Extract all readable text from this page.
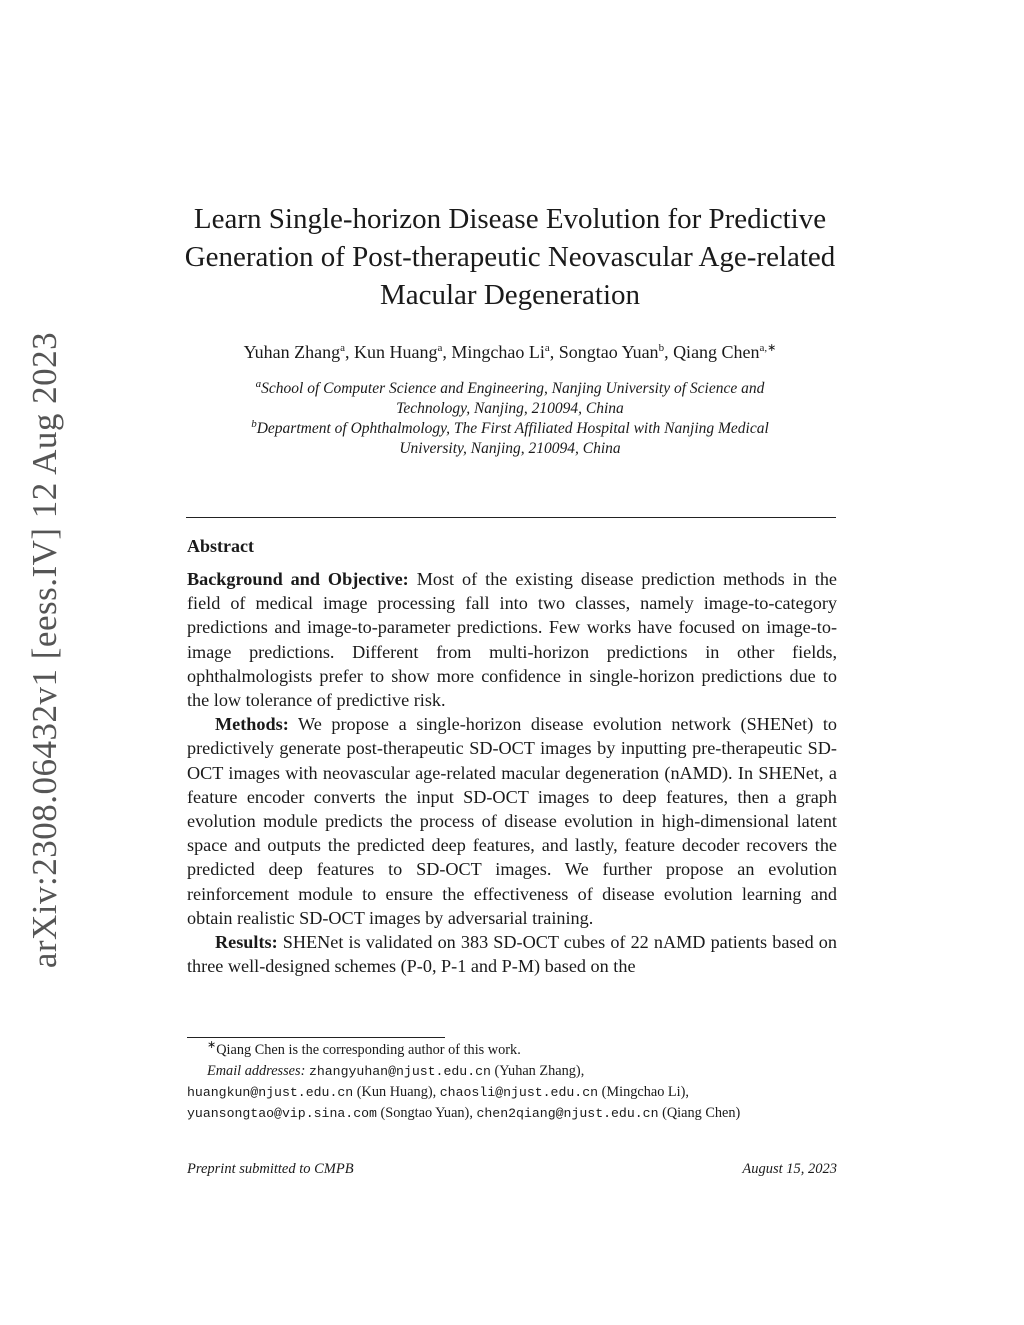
arXiv:2308.06432v1 [eess.IV] 12 Aug 2023
Learn Single-horizon Disease Evolution for Predictive
Generation of Post-therapeutic Neovascular Age-related
Macular Degeneration
Yuhan Zhang$^a$, Kun Huang$^a$, Mingchao Li$^a$, Songtao Yuan$^b$, Qiang Chen$^{a,∗}$
$^a$School of Computer Science and Engineering, Nanjing University of Science and
Technology, Nanjing, 210094, China
$^b$Department of Ophthalmology, The First Affiliated Hospital with Nanjing Medical
University, Nanjing, 210094, China
Abstract

Background and Objective: Most of the existing disease prediction methods in the field of medical image processing fall into two classes, namely image-to-category predictions and image-to-parameter predictions. Few works have focused on image-to-image predictions. Different from multi-horizon predictions in other fields, ophthalmologists prefer to show more confidence in single-horizon predictions due to the low tolerance of predictive risk.

Methods: We propose a single-horizon disease evolution network (SHENet) to predictively generate post-therapeutic SD-OCT images by inputting pre-therapeutic SD-OCT images with neovascular age-related macular degeneration (nAMD). In SHENet, a feature encoder converts the input SD-OCT images to deep features, then a graph evolution module predicts the process of disease evolution in high-dimensional latent space and outputs the predicted deep features, and lastly, feature decoder recovers the predicted deep features to SD-OCT images. We further propose an evolution reinforcement module to ensure the effectiveness of disease evolution learning and obtain realistic SD-OCT images by adversarial training.

Results: SHENet is validated on 383 SD-OCT cubes of 22 nAMD patients based on three well-designed schemes (P-0, P-1 and P-M) based on the

∗Qiang Chen is the corresponding author of this work.
Email addresses: zhangyuhan@njust.edu.cn (Yuhan Zhang),
huangkun@njust.edu.cn (Kun Huang), chaosli@njust.edu.cn (Mingchao Li),
yuansongtao@vip.sina.com (Songtao Yuan), chen2qiang@njust.edu.cn (Qiang Chen)
Preprint submitted to CMPB	August 15, 2023
